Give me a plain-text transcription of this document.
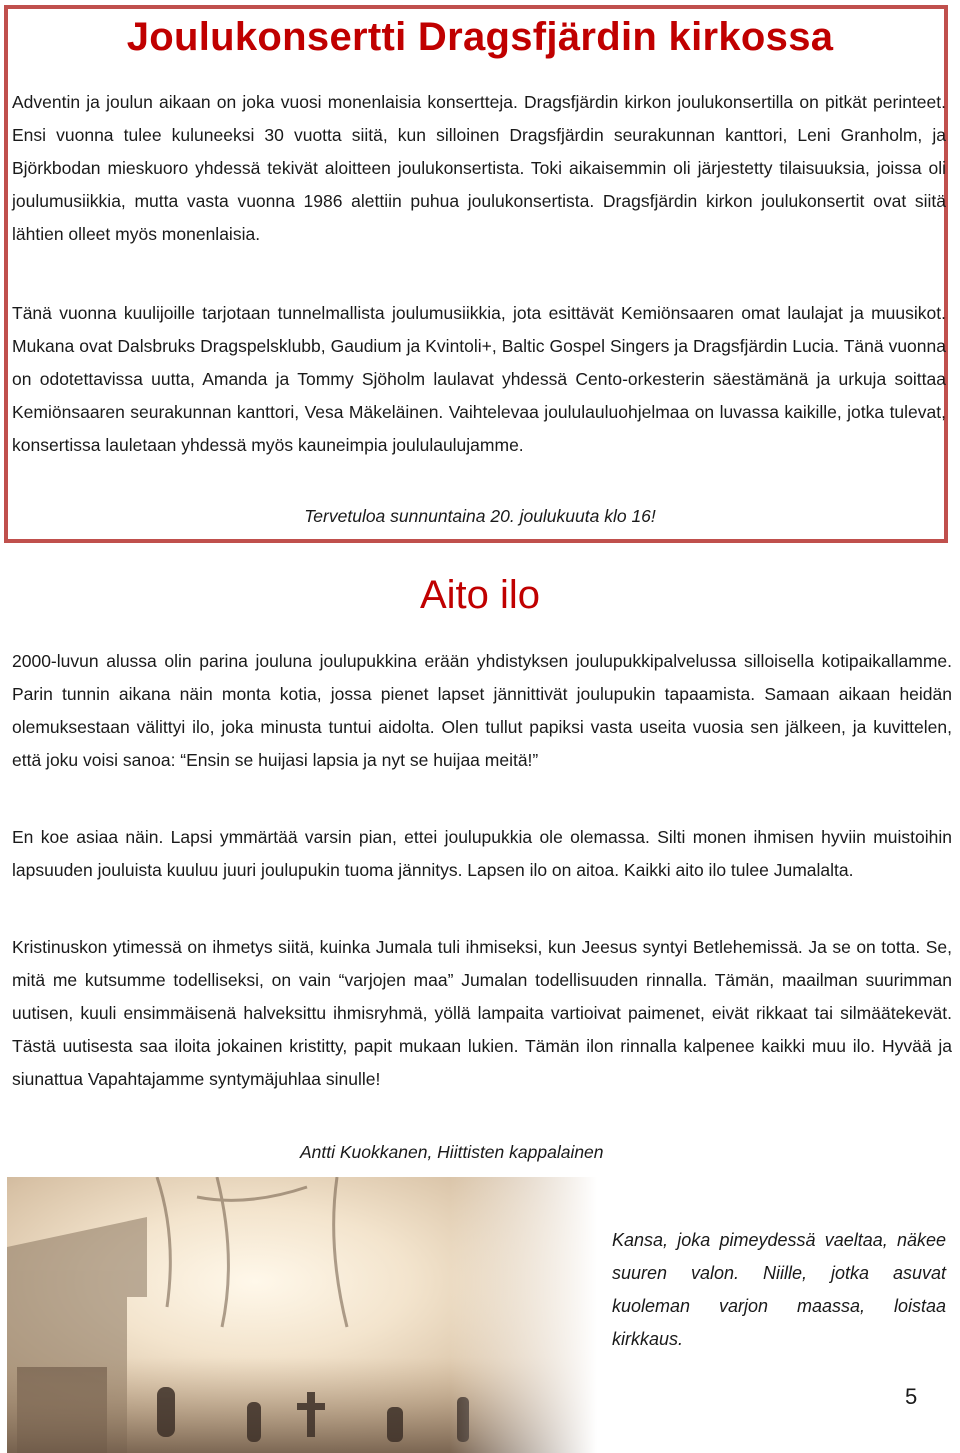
Joulukonsertti Dragsfjärdin kirkossa

Adventin ja joulun aikaan on joka vuosi monenlaisia konsertteja. Dragsfjärdin kirkon joulukonsertilla on pitkät perinteet. Ensi vuonna tulee kuluneeksi 30 vuotta siitä, kun silloinen Dragsfjärdin seurakunnan kanttori, Leni Granholm, ja Björkbodan mieskuoro yhdessä tekivät aloitteen joulukonsertista. Toki aikaisemmin oli järjestetty tilaisuuksia, joissa oli joulumusiikkia, mutta vasta vuonna 1986 alettiin puhua joulukonsertista. Dragsfjärdin kirkon joulukonsertit ovat siitä lähtien olleet myös monenlaisia.

Tänä vuonna kuulijoille tarjotaan tunnelmallista joulumusiikkia, jota esittävät Kemiönsaaren omat laulajat ja muusikot. Mukana ovat Dalsbruks Dragspelsklubb, Gaudium ja Kvintoli+, Baltic Gospel Singers ja Dragsfjärdin Lucia. Tänä vuonna on odotettavissa uutta, Amanda ja Tommy Sjöholm laulavat yhdessä Cento-orkesterin säestämänä ja urkuja soittaa Kemiönsaaren seurakunnan kanttori, Vesa Mäkeläinen. Vaihtelevaa joululauluohjelmaa on luvassa kaikille, jotka tulevat, konsertissa lauletaan yhdessä myös kauneimpia joululaulujamme.

Tervetuloa sunnuntaina 20. joulukuuta klo 16!
Aito ilo

2000-luvun alussa olin parina jouluna joulupukkina erään yhdistyksen joulupukkipalvelussa silloisella kotipaikallamme. Parin tunnin aikana näin monta kotia, jossa pienet lapset jännittivät joulupukin tapaamista. Samaan aikaan heidän olemuksestaan välittyi ilo, joka minusta tuntui aidolta. Olen tullut papiksi vasta useita vuosia sen jälkeen, ja kuvittelen, että joku voisi sanoa: “Ensin se huijasi lapsia ja nyt se huijaa meitä!”

En koe asiaa näin. Lapsi ymmärtää varsin pian, ettei joulupukkia ole olemassa. Silti monen ihmisen hyviin muistoihin lapsuuden jouluista kuuluu juuri joulupukin tuoma jännitys. Lapsen ilo on aitoa. Kaikki aito ilo tulee Jumalalta.

Kristinuskon ytimessä on ihmetys siitä, kuinka Jumala tuli ihmiseksi, kun Jeesus syntyi Betlehemissä. Ja se on totta. Se, mitä me kutsumme todelliseksi, on vain “varjojen maa” Jumalan todellisuuden rinnalla. Tämän, maailman suurimman uutisen, kuuli ensimmäisenä halveksittu ihmisryhmä, yöllä lampaita vartioivat paimenet, eivät rikkaat tai silmäätekevät. Tästä uutisesta saa iloita jokainen kristitty, papit mukaan lukien. Tämän ilon rinnalla kalpenee kaikki muu ilo. Hyvää ja siunattua Vapahtajamme syntymäjuhlaa sinulle!

Antti Kuokkanen, Hiittisten kappalainen

Kansa, joka pimeydessä vaeltaa, näkee suuren valon. Niille, jotka asuvat kuoleman varjon maassa, loistaa kirkkaus.

5
